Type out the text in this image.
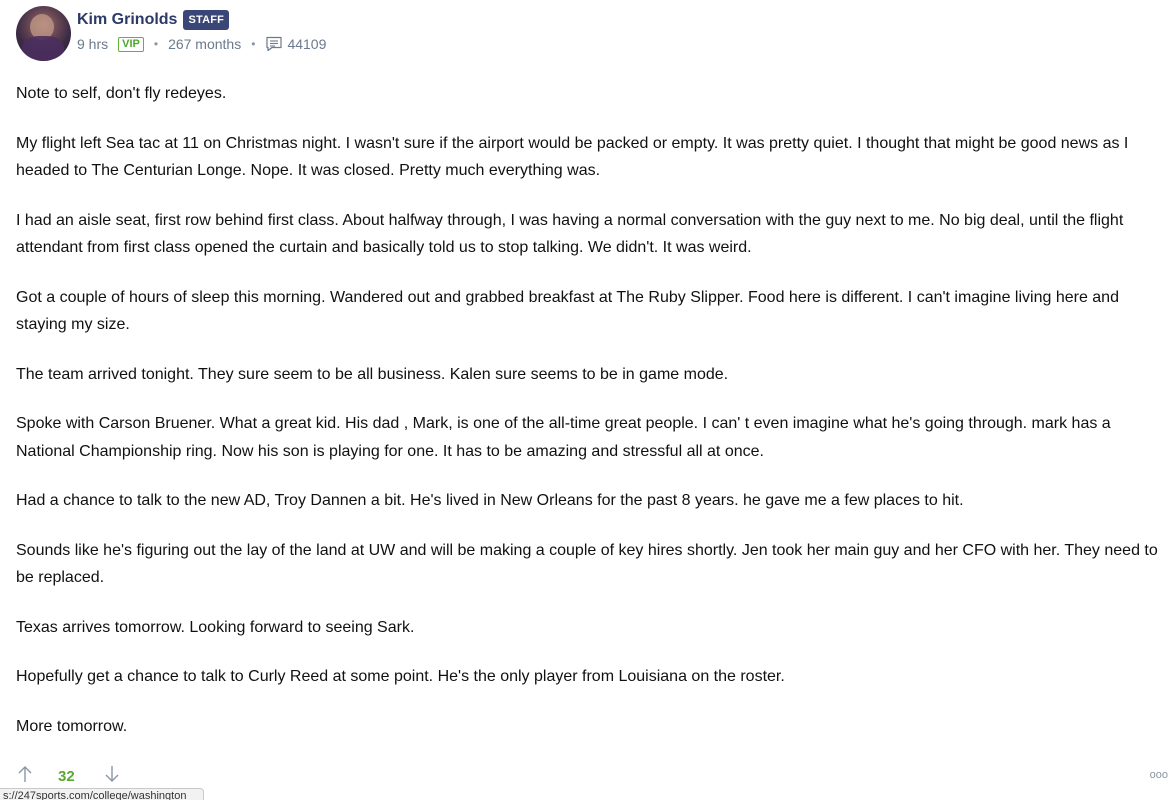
Kim Grinolds	STAFF
9 hrs	VIP	• 267 months • 44109

Note to self, don't fly redeyes.

My flight left Sea tac at 11 on Christmas night. I wasn't sure if the airport would be packed or empty. It was pretty quiet. I thought that might be good news as I headed to The Centurian Longe. Nope. It was closed. Pretty much everything was.

I had an aisle seat, first row behind first class. About halfway through, I was having a normal conversation with the guy next to me. No big deal, until the flight attendant from first class opened the curtain and basically told us to stop talking. We didn't. It was weird.

Got a couple of hours of sleep this morning. Wandered out and grabbed breakfast at The Ruby Slipper. Food here is different. I can't imagine living here and staying my size.

The team arrived tonight. They sure seem to be all business. Kalen sure seems to be in game mode.

Spoke with Carson Bruener. What a great kid. His dad , Mark, is one of the all-time great people. I can' t even imagine what he's going through. mark has a National Championship ring. Now his son is playing for one. It has to be amazing and stressful all at once.

Had a chance to talk to the new AD, Troy Dannen a bit. He's lived in New Orleans for the past 8 years. he gave me a few places to hit.

Sounds like he's figuring out the lay of the land at UW and will be making a couple of key hires shortly. Jen took her main guy and her CFO with her. They need to be replaced.

Texas arrives tomorrow. Looking forward to seeing Sark.

Hopefully get a chance to talk to Curly Reed at some point. He's the only player from Louisiana on the roster.

More tomorrow.

32	ooo
s://247sports.com/college/washington
